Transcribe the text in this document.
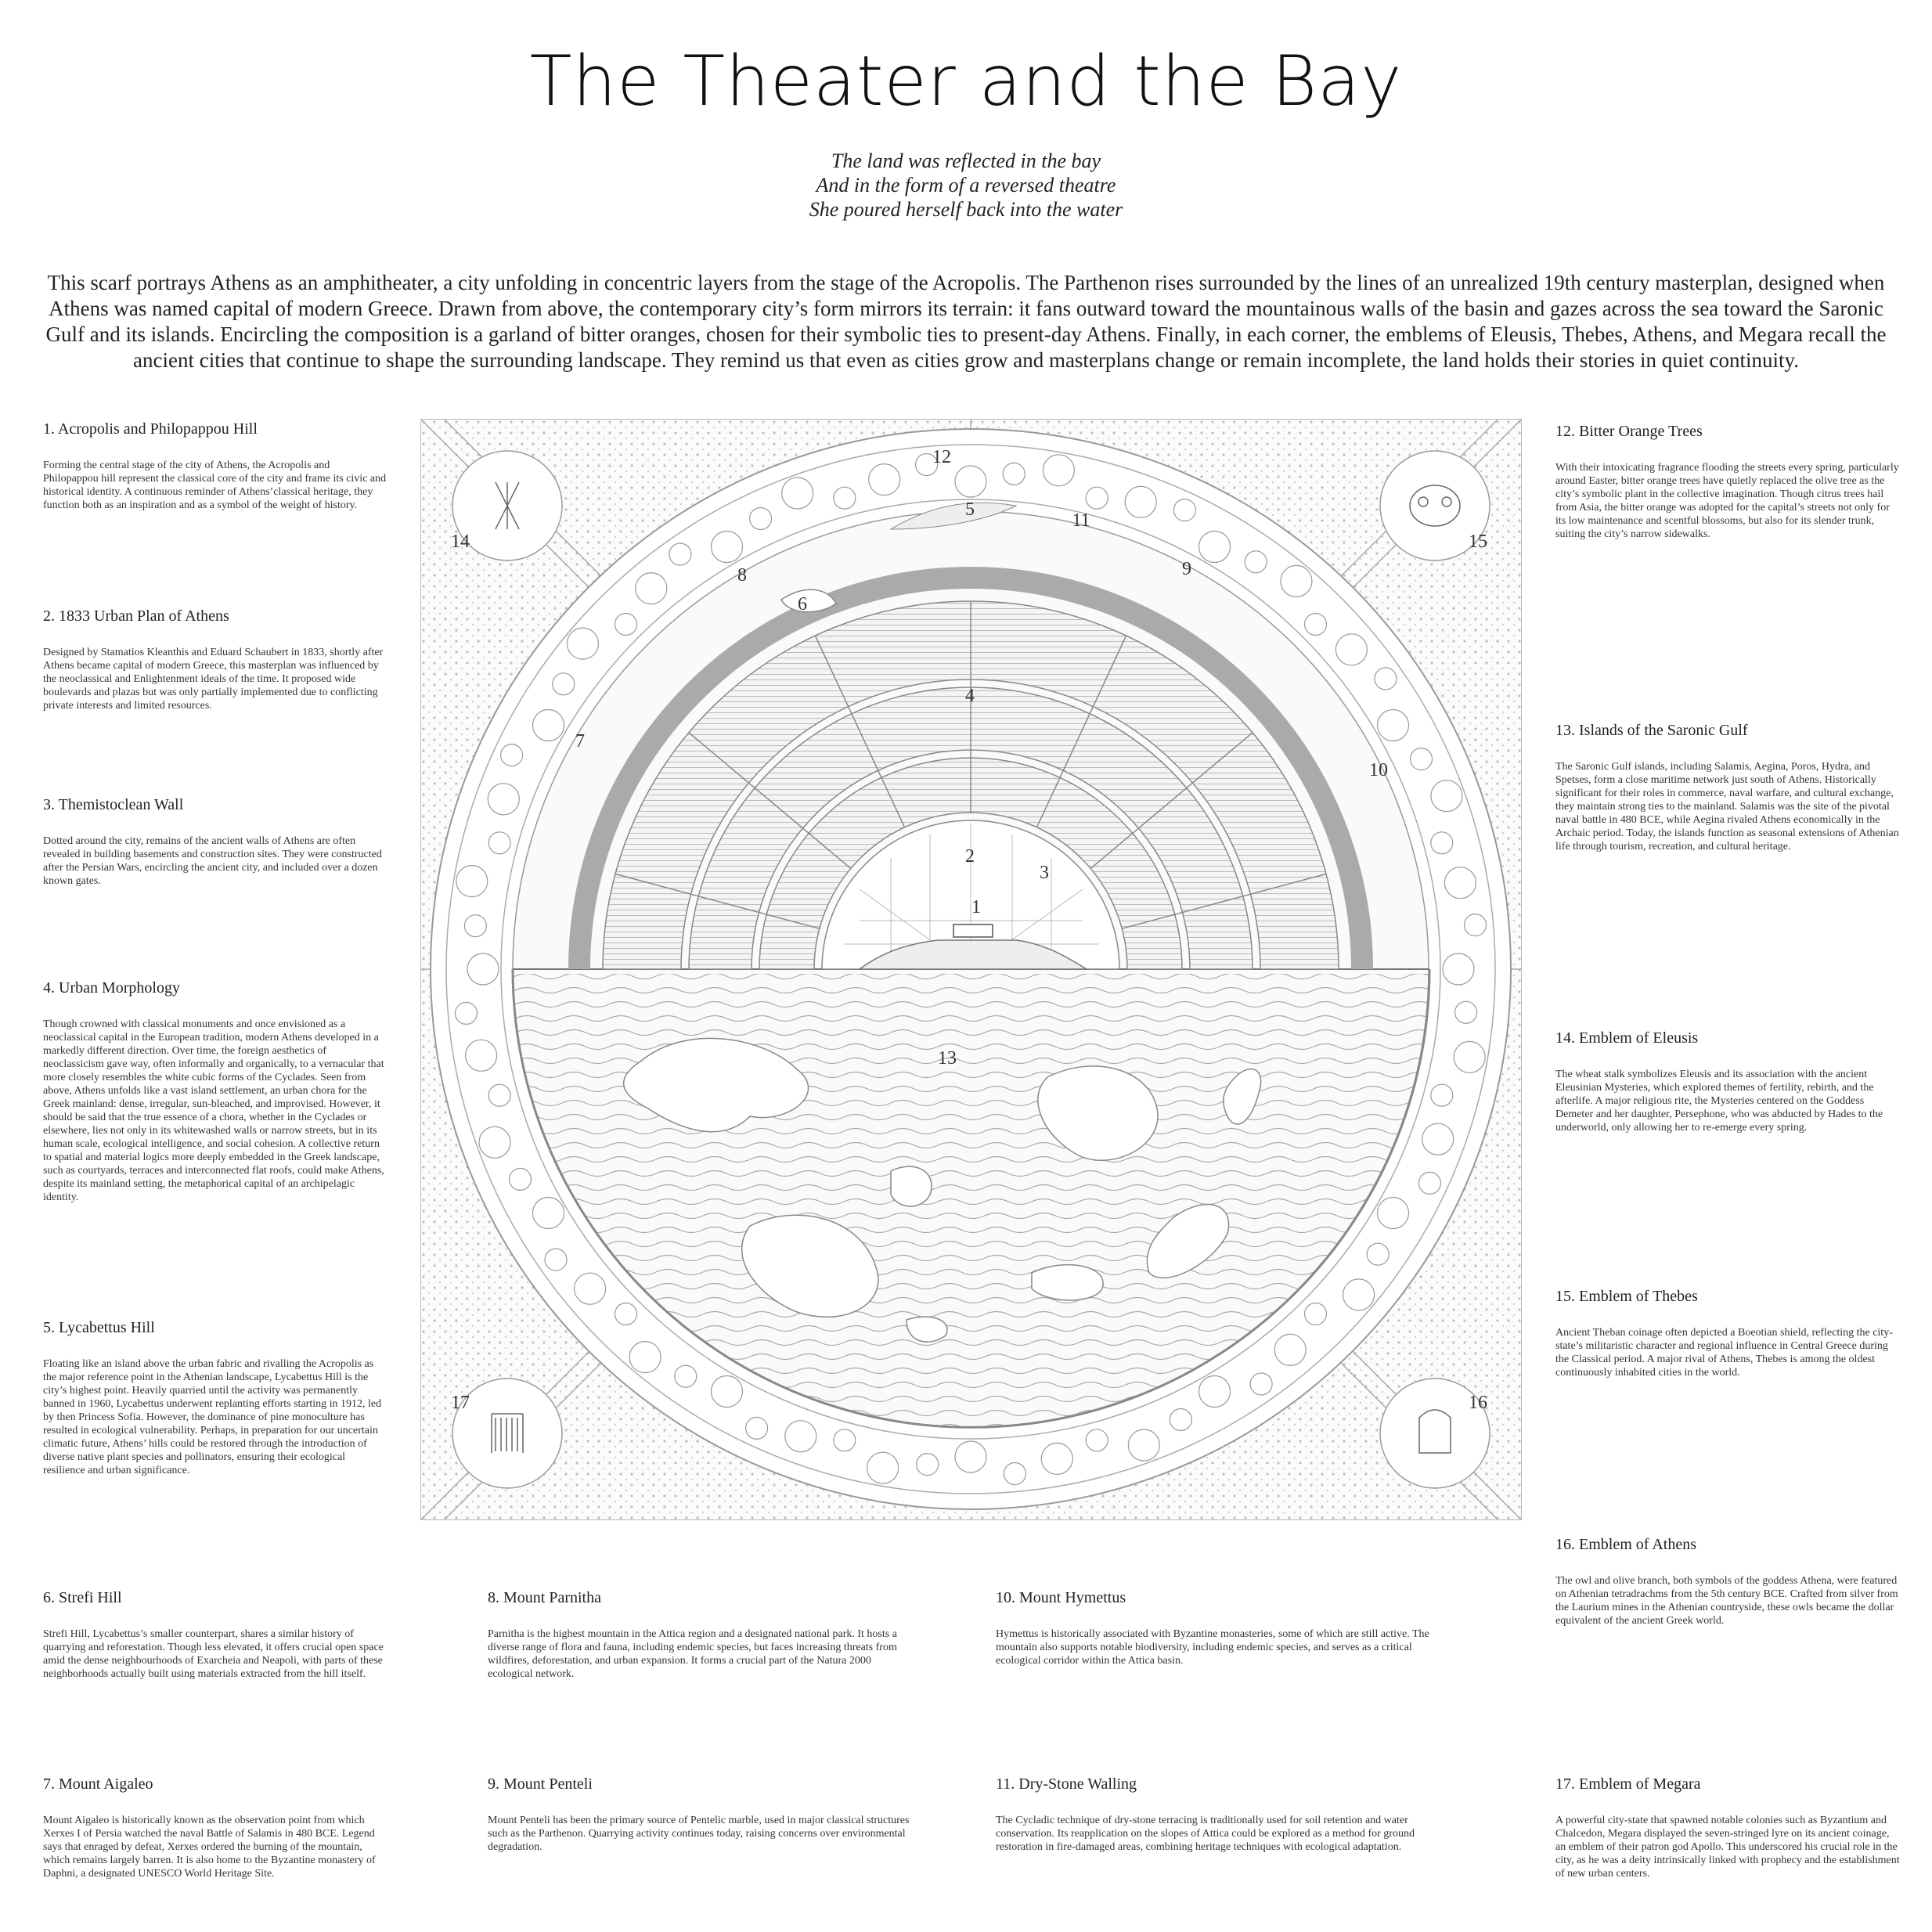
The Theater and the Bay
The land was reflected in the bay
And in the form of a reversed theatre
She poured herself back into the water
This scarf portrays Athens as an amphitheater, a city unfolding in concentric layers from the stage of the Acropolis. The Parthenon rises surrounded by the lines of an unrealized 19th century masterplan, designed when Athens was named capital of modern Greece. Drawn from above, the contemporary city’s form mirrors its terrain: it fans outward toward the mountainous walls of the basin and gazes across the sea toward the Saronic Gulf and its islands. Encircling the composition is a garland of bitter oranges, chosen for their symbolic ties to present-day Athens. Finally, in each corner, the emblems of Eleusis, Thebes, Athens, and Megara recall the ancient cities that continue to shape the surrounding landscape. They remind us that even as cities grow and masterplans change or remain incomplete, the land holds their stories in quiet continuity.
1. Acropolis and Philopappou Hill

Forming the central stage of the city of Athens, the Acropolis and Philopappou hill represent the classical core of the city and frame its civic and historical identity. A continuous reminder of Athens’classical heritage, they function both as an inspiration and as a symbol of the weight of history.

2. 1833 Urban Plan of Athens

Designed by Stamatios Kleanthis and Eduard Schaubert in 1833, shortly after Athens became capital of modern Greece, this masterplan was influenced by the neoclassical and Enlightenment ideals of the time. It proposed wide boulevards and plazas but was only partially implemented due to conflicting private interests and limited resources.

3. Themistoclean Wall

Dotted around the city, remains of the ancient walls of Athens are often revealed in building basements and construction sites. They were constructed after the Persian Wars, encircling the ancient city, and included over a dozen known gates.

4. Urban Morphology

Though crowned with classical monuments and once envisioned as a neoclassical capital in the European tradition, modern Athens developed in a markedly different direction. Over time, the foreign aesthetics of neoclassicism gave way, often informally and organically, to a vernacular that more closely resembles the white cubic forms of the Cyclades. Seen from above, Athens unfolds like a vast island settlement, an urban chora for the Greek mainland: dense, irregular, sun-bleached, and improvised. However, it should be said that the true essence of a chora, whether in the Cyclades or elsewhere, lies not only in its whitewashed walls or narrow streets, but in its human scale, ecological intelligence, and social cohesion. A collective return to spatial and material logics more deeply embedded in the Greek landscape, such as courtyards, terraces and interconnected flat roofs, could make Athens, despite its mainland setting, the metaphorical capital of an archipelagic identity.

5. Lycabettus Hill

Floating like an island above the urban fabric and rivalling the Acropolis as the major reference point in the Athenian landscape, Lycabettus Hill is the city’s highest point. Heavily quarried until the activity was permanently banned in 1960, Lycabettus underwent replanting efforts starting in 1912, led by then Princess Sofia. However, the dominance of pine monoculture has resulted in ecological vulnerability. Perhaps, in preparation for our uncertain climatic future, Athens’ hills could be restored through the introduction of diverse native plant species and pollinators, ensuring their ecological resilience and urban significance.

6. Strefi Hill

Strefi Hill, Lycabettus’s smaller counterpart, shares a similar history of quarrying and reforestation. Though less elevated, it offers crucial open space amid the dense neighbourhoods of Exarcheia and Neapoli, with parts of these neighborhoods actually built using materials extracted from the hill itself.

7. Mount Aigaleo

Mount Aigaleo is historically known as the observation point from which Xerxes I of Persia watched the naval Battle of Salamis in 480 BCE. Legend says that enraged by defeat, Xerxes ordered the burning of the mountain, which remains largely barren. It is also home to the Byzantine monastery of Daphni, a designated UNESCO World Heritage Site.

8. Mount Parnitha

Parnitha is the highest mountain in the Attica region and a designated national park. It hosts a diverse range of flora and fauna, including endemic species, but faces increasing threats from wildfires, deforestation, and urban expansion. It forms a crucial part of the Natura 2000 ecological network.

9. Mount Penteli

Mount Penteli has been the primary source of Pentelic marble, used in major classical structures such as the Parthenon. Quarrying activity continues today, raising concerns over environmental degradation.

10. Mount Hymettus

Hymettus is historically associated with Byzantine monasteries, some of which are still active. The mountain also supports notable biodiversity, including endemic species, and serves as a critical ecological corridor within the Attica basin.

11. Dry-Stone Walling

The Cycladic technique of dry-stone terracing is traditionally used for soil retention and water conservation. Its reapplication on the slopes of Attica could be explored as a method for ground restoration in fire-damaged areas, combining heritage techniques with ecological adaptation.

12. Bitter Orange Trees

With their intoxicating fragrance flooding the streets every spring, particularly around Easter, bitter orange trees have quietly replaced the olive tree as the city’s symbolic plant in the collective imagination. Though citrus trees hail from Asia, the bitter orange was adopted for the capital’s streets not only for its low maintenance and scentful blossoms, but also for its slender trunk, suiting the city’s narrow sidewalks.

13. Islands of the Saronic Gulf

The Saronic Gulf islands, including Salamis, Aegina, Poros, Hydra, and Spetses, form a close maritime network just south of Athens. Historically significant for their roles in commerce, naval warfare, and cultural exchange, they maintain strong ties to the mainland. Salamis was the site of the pivotal naval battle in 480 BCE, while Aegina rivaled Athens economically in the Archaic period. Today, the islands function as seasonal extensions of Athenian life through tourism, recreation, and cultural heritage.

14. Emblem of Eleusis

The wheat stalk symbolizes Eleusis and its association with the ancient Eleusinian Mysteries, which explored themes of fertility, rebirth, and the afterlife. A major religious rite, the Mysteries centered on the Goddess Demeter and her daughter, Persephone, who was abducted by Hades to the underworld, only allowing her to re-emerge every spring.

15. Emblem of Thebes

Ancient Theban coinage often depicted a Boeotian shield, reflecting the city-state’s militaristic character and regional influence in Central Greece during the Classical period. A major rival of Athens, Thebes is among the oldest continuously inhabited cities in the world.

16. Emblem of Athens

The owl and olive branch, both symbols of the goddess Athena, were featured on Athenian tetradrachms from the 5th century BCE. Crafted from silver from the Laurium mines in the Athenian countryside, these owls became the dollar equivalent of the ancient Greek world.

17. Emblem of Megara

A powerful city-state that spawned notable colonies such as Byzantium and Chalcedon, Megara displayed the seven-stringed lyre on its ancient coinage, an emblem of their patron god Apollo. This underscored his crucial role in the city, as he was a deity intrinsically linked with prophecy and the establishment of new urban centers.

13
1
2
3
4
5
6
7
8	9
10
11
12
14	15
16
17
